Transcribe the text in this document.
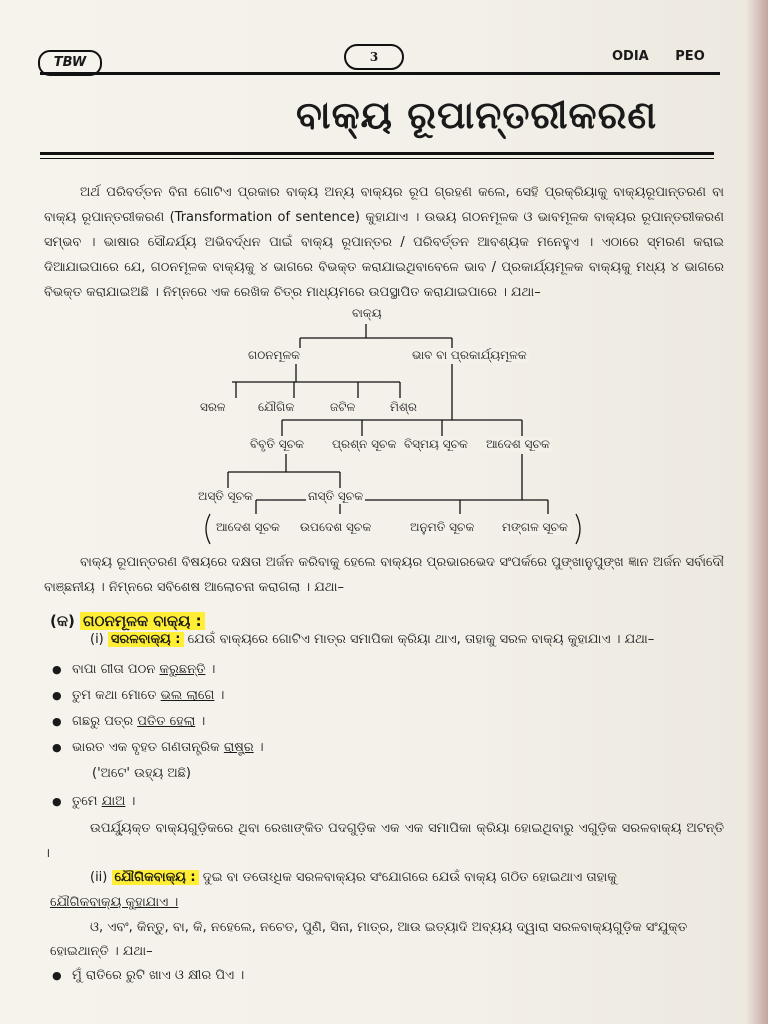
TBW	3	ODIA PEO
ବାକ୍ୟ ରୂପାନ୍ତରୀକରଣ
ଅର୍ଥ ପରିବର୍ତ୍ତନ ବିନା ଗୋଟିଏ ପ୍ରକାର ବାକ୍ୟ ଅନ୍ୟ ବାକ୍ୟର ରୂପ ଗ୍ରହଣ କଲେ, ସେହି ପ୍ରକ୍ରିୟାକୁ ବାକ୍ୟରୂପାନ୍ତରଣ ବା ବାକ୍ୟ ରୂପାନ୍ତରୀକରଣ (Transformation of sentence) କୁହାଯାଏ । ଉଭୟ ଗଠନମୂଳକ ଓ ଭାବମୂଳକ ବାକ୍ୟର ରୂପାନ୍ତରୀକରଣ ସମ୍ଭବ । ଭାଷାର ସୌନ୍ଦର୍ଯ୍ୟ ଅଭିବର୍ଦ୍ଧନ ପାଇଁ ବାକ୍ୟ ରୂପାନ୍ତର / ପରିବର୍ତ୍ତନ ଆବଶ୍ୟକ ମନେହୁଏ । ଏଠାରେ ସ୍ମରଣ କରାଇ ଦିଆଯାଇପାରେ ଯେ, ଗଠନମୂଳକ ବାକ୍ୟକୁ ୪ ଭାଗରେ ବିଭକ୍ତ କରାଯାଇଥିବାବେଳେ ଭାବ / ପ୍ରକାର୍ଯ୍ୟମୂଳକ ବାକ୍ୟକୁ ମଧ୍ୟ ୪ ଭାଗରେ ବିଭକ୍ତ କରାଯାଇଅଛି । ନିମ୍ନରେ ଏକ ରେଖିକ ଚିତ୍ର ମାଧ୍ୟମରେ ଉପସ୍ଥାପିତ କରାଯାଇପାରେ । ଯଥା–
ବାକ୍ୟ
ଗଠନମୂଳକ	ଭାବ ବା ପ୍ରକାର୍ଯ୍ୟମୂଳକ
ସରଳ	ଯୌଗିକ	ଜଟିଳ	ମିଶ୍ର
ବିବୃତି ସୂଚକ ପ୍ରଶ୍ନ ସୂଚକ ବିସ୍ମୟ ସୂଚକ ଆଦେଶ ସୂଚକ
ଅସ୍ତି ସୂଚକ	ନାସ୍ତି ସୂଚକ
ଆଦେଶ ସୂଚକ ଉପଦେଶ ସୂଚକ	ଅନୁମତି ସୂଚକ ମଙ୍ଗଳ ସୂଚକ
ବାକ୍ୟ ରୂପାନ୍ତରଣ ବିଷୟରେ ଦକ୍ଷତା ଅର୍ଜନ କରିବାକୁ ହେଲେ ବାକ୍ୟର ପ୍ରଭାରଭେଦ ସଂପର୍କରେ ପୁଙ୍ଖାନୁପୁଙ୍ଖ ଜ୍ଞାନ ଅର୍ଜନ ସର୍ବାଦୌ ବାଞ୍ଛନୀୟ । ନିମ୍ନରେ ସବିଶେଷ ଆଲୋଚନା କରାଗଲା । ଯଥା–
(କ) ଗଠନମୂଳକ ବାକ୍ୟ :
(i) ସରଳବାକ୍ୟ : ଯେଉଁ ବାକ୍ୟରେ ଗୋଟିଏ ମାତ୍ର ସମାପିକା କ୍ରିୟା ଥାଏ, ତାହାକୁ ସରଳ ବାକ୍ୟ କୁହାଯାଏ । ଯଥା–
● ବାପା ଗୀତା ପଠନ କରୁଛନ୍ତି ।
● ତୁମ କଥା ମୋତେ ଭଲ ଲାଗେ ।
● ଗଛରୁ ପତ୍ର ପତିତ ହେଲା ।
● ଭାରତ ଏକ ବୃହତ ଗଣତାନ୍ତ୍ରିକ ରାଷ୍ଟ୍ର ।
('ଅଟେ' ଉହ୍ୟ ଅଛି)
● ତୁମେ ଯାଅ ।
ଉପର୍ଯ୍ୟୁକ୍ତ ବାକ୍ୟଗୁଡ଼ିକରେ ଥିବା ରେଖାଙ୍କିତ ପଦଗୁଡ଼ିକ ଏକ ଏକ ସମାପିକା କ୍ରିୟା ହୋଇଥିବାରୁ ଏଗୁଡ଼ିକ ସରଳବାକ୍ୟ ଅଟନ୍ତି ।
(ii) ଯୌଗିକବାକ୍ୟ : ଦୁଇ ବା ତତୋଽଧିକ ସରଳବାକ୍ୟର ସଂଯୋଗରେ ଯେଉଁ ବାକ୍ୟ ଗଠିତ ହୋଇଥାଏ ତାହାକୁ
ଯୌଗିକବାକ୍ୟ କୁହାଯାଏ ।
ଓ, ଏବଂ, କିନ୍ତୁ, ବା, କି, ନହେଲେ, ନଚେତ, ପୁଣି, ସିନା, ମାତ୍ର, ଆଉ ଇତ୍ୟାଦି ଅବ୍ୟୟ ଦ୍ୱାରା ସରଳବାକ୍ୟଗୁଡ଼ିକ ସଂଯୁକ୍ତ
ହୋଇଥାନ୍ତି । ଯଥା–
● ମୁଁ ରାତିରେ ରୁଟି ଖାଏ ଓ କ୍ଷୀର ପିଏ ।
